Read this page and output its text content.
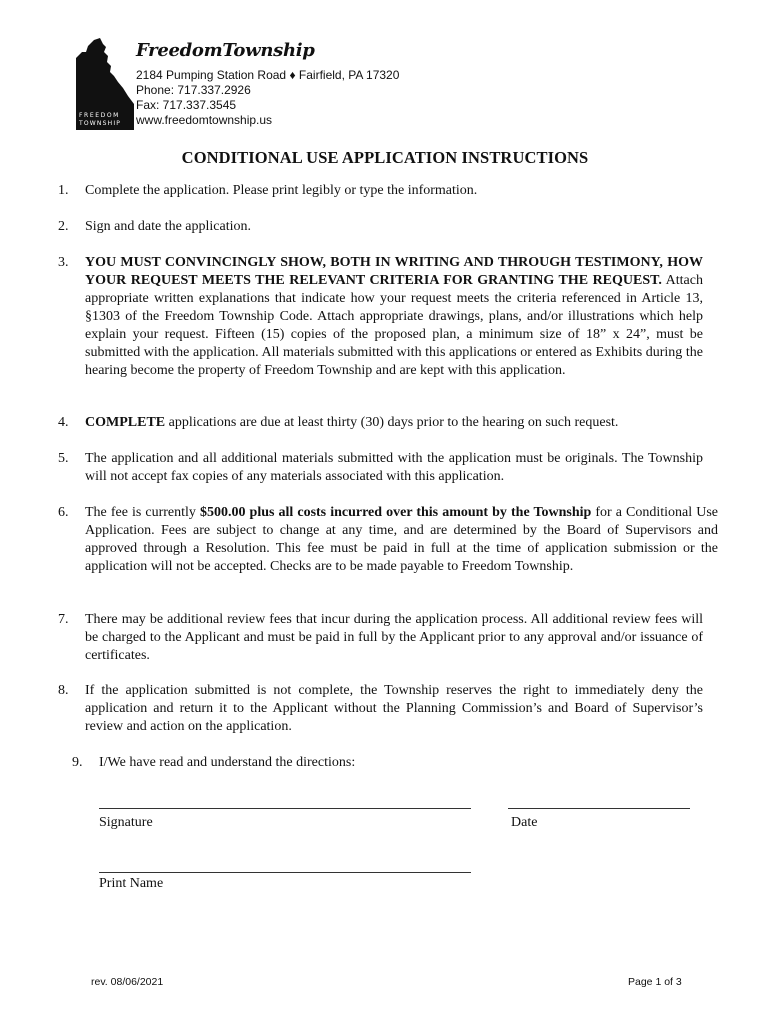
FREEDOM
TOWNSHIP
FreedomTownship
2184 Pumping Station Road ♦ Fairfield, PA 17320
Phone: 717.337.2926
Fax: 717.337.3545
www.freedomtownship.us
CONDITIONAL USE APPLICATION INSTRUCTIONS
1. Complete the application. Please print legibly or type the information.
2. Sign and date the application.
3. YOU MUST CONVINCINGLY SHOW, BOTH IN WRITING AND THROUGH TESTIMONY, HOW YOUR REQUEST MEETS THE RELEVANT CRITERIA FOR GRANTING THE REQUEST. Attach appropriate written explanations that indicate how your request meets the criteria referenced in Article 13, §1303 of the Freedom Township Code. Attach appropriate drawings, plans, and/or illustrations which help explain your request. Fifteen (15) copies of the proposed plan, a minimum size of 18” x 24”, must be submitted with the application. All materials submitted with this applications or entered as Exhibits during the hearing become the property of Freedom Township and are kept with this application.
4. COMPLETE applications are due at least thirty (30) days prior to the hearing on such request.
5. The application and all additional materials submitted with the application must be originals. The Township will not accept fax copies of any materials associated with this application.
6. The fee is currently $500.00 plus all costs incurred over this amount by the Township for a Conditional Use Application. Fees are subject to change at any time, and are determined by the Board of Supervisors and approved through a Resolution. This fee must be paid in full at the time of application submission or the application will not be accepted. Checks are to be made payable to Freedom Township.
7. There may be additional review fees that incur during the application process. All additional review fees will be charged to the Applicant and must be paid in full by the Applicant prior to any approval and/or issuance of certificates.
8. If the application submitted is not complete, the Township reserves the right to immediately deny the application and return it to the Applicant without the Planning Commission’s and Board of Supervisor’s review and action on the application.
9. I/We have read and understand the directions:
Signature	Date
Print Name
rev. 08/06/2021	Page 1 of 3
